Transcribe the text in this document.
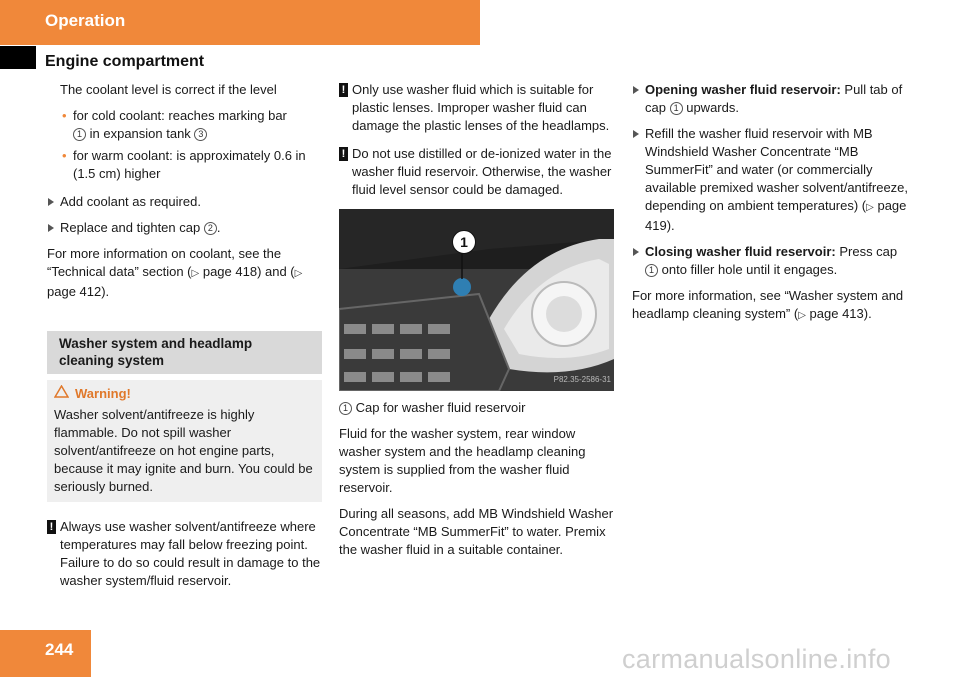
Operation
Engine compartment

The coolant level is correct if the level

• for cold coolant: reaches marking bar
1 in expansion tank 3
• for warm coolant: is approximately 0.6 in (1.5 cm) higher
Add coolant as required.
Replace and tighten cap 2 .

For more information on coolant, see the “Technical data” section (▷ page 418) and (▷ page 412).

Washer system and headlamp cleaning system
Warning!
Washer solvent/antifreeze is highly flammable. Do not spill washer solvent/antifreeze on hot engine parts, because it may ignite and burn. You could be seriously burned.
! Always use washer solvent/antifreeze where temperatures may fall below freezing point. Failure to do so could result in damage to the washer system/fluid reservoir.
! Only use washer fluid which is suitable for plastic lenses. Improper washer fluid can damage the plastic lenses of the headlamps.
! Do not use distilled or de-ionized water in the washer fluid reservoir. Otherwise, the washer fluid level sensor could be damaged.
1
P82.35-2586-31

1 Cap for washer fluid reservoir

Fluid for the washer system, rear window washer system and the headlamp cleaning system is supplied from the washer fluid reservoir.

During all seasons, add MB Windshield Washer Concentrate “MB SummerFit” to water. Premix the washer fluid in a suitable container.

Opening washer fluid reservoir: Pull tab of cap 1 upwards.
Refill the washer fluid reservoir with MB Windshield Washer Concentrate “MB SummerFit” and water (or commercially available premixed washer solvent/antifreeze, depending on ambient temperatures) (▷ page 419).
Closing washer fluid reservoir: Press cap 1 onto filler hole until it engages.

For more information, see “Washer system and headlamp cleaning system” (▷ page 413).

244	carmanualsonline.info
